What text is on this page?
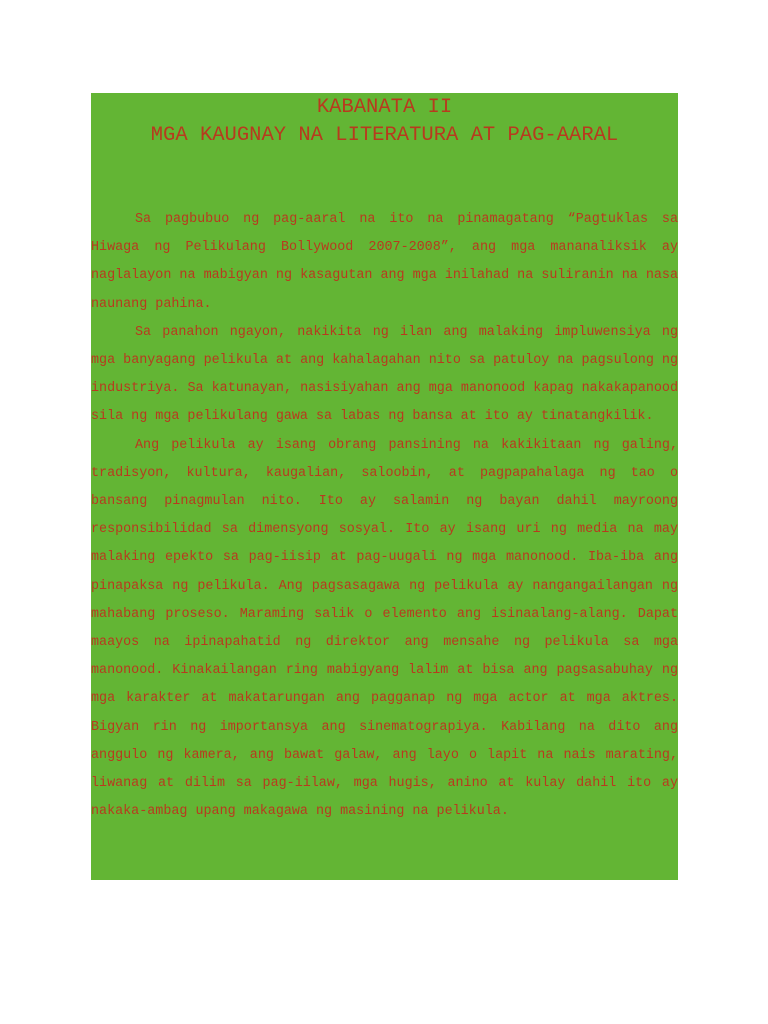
KABANATA II
MGA KAUGNAY NA LITERATURA AT PAG-AARAL

Sa pagbubuo ng pag-aaral na ito na pinamagatang “Pagtuklas sa Hiwaga ng Pelikulang Bollywood 2007-2008”, ang mga mananaliksik ay naglalayon na mabigyan ng kasagutan ang mga inilahad na suliranin na nasa naunang pahina.

Sa panahon ngayon, nakikita ng ilan ang malaking impluwensiya ng mga banyagang pelikula at ang kahalagahan nito sa patuloy na pagsulong ng industriya. Sa katunayan, nasisiyahan ang mga manonood kapag nakakapanood sila ng mga pelikulang gawa sa labas ng bansa at ito ay tinatangkilik.

Ang pelikula ay isang obrang pansining na kakikitaan ng galing, tradisyon, kultura, kaugalian, saloobin, at pagpapahalaga ng tao o bansang pinagmulan nito. Ito ay salamin ng bayan dahil mayroong responsibilidad sa dimensyong sosyal. Ito ay isang uri ng media na may malaking epekto sa pag-iisip at pag-uugali ng mga manonood. Iba-iba ang pinapaksa ng pelikula. Ang pagsasagawa ng pelikula ay nangangailangan ng mahabang proseso. Maraming salik o elemento ang isinaalang-alang. Dapat maayos na ipinapahatid ng direktor ang mensahe ng pelikula sa mga manonood. Kinakailangan ring mabigyang lalim at bisa ang pagsasabuhay ng mga karakter at makatarungan ang pagganap ng mga actor at mga aktres. Bigyan rin ng importansya ang sinematograpiya. Kabilang na dito ang anggulo ng kamera, ang bawat galaw, ang layo o lapit na nais marating, liwanag at dilim sa pag-iilaw, mga hugis, anino at kulay dahil ito ay nakaka-ambag upang makagawa ng masining na pelikula.
